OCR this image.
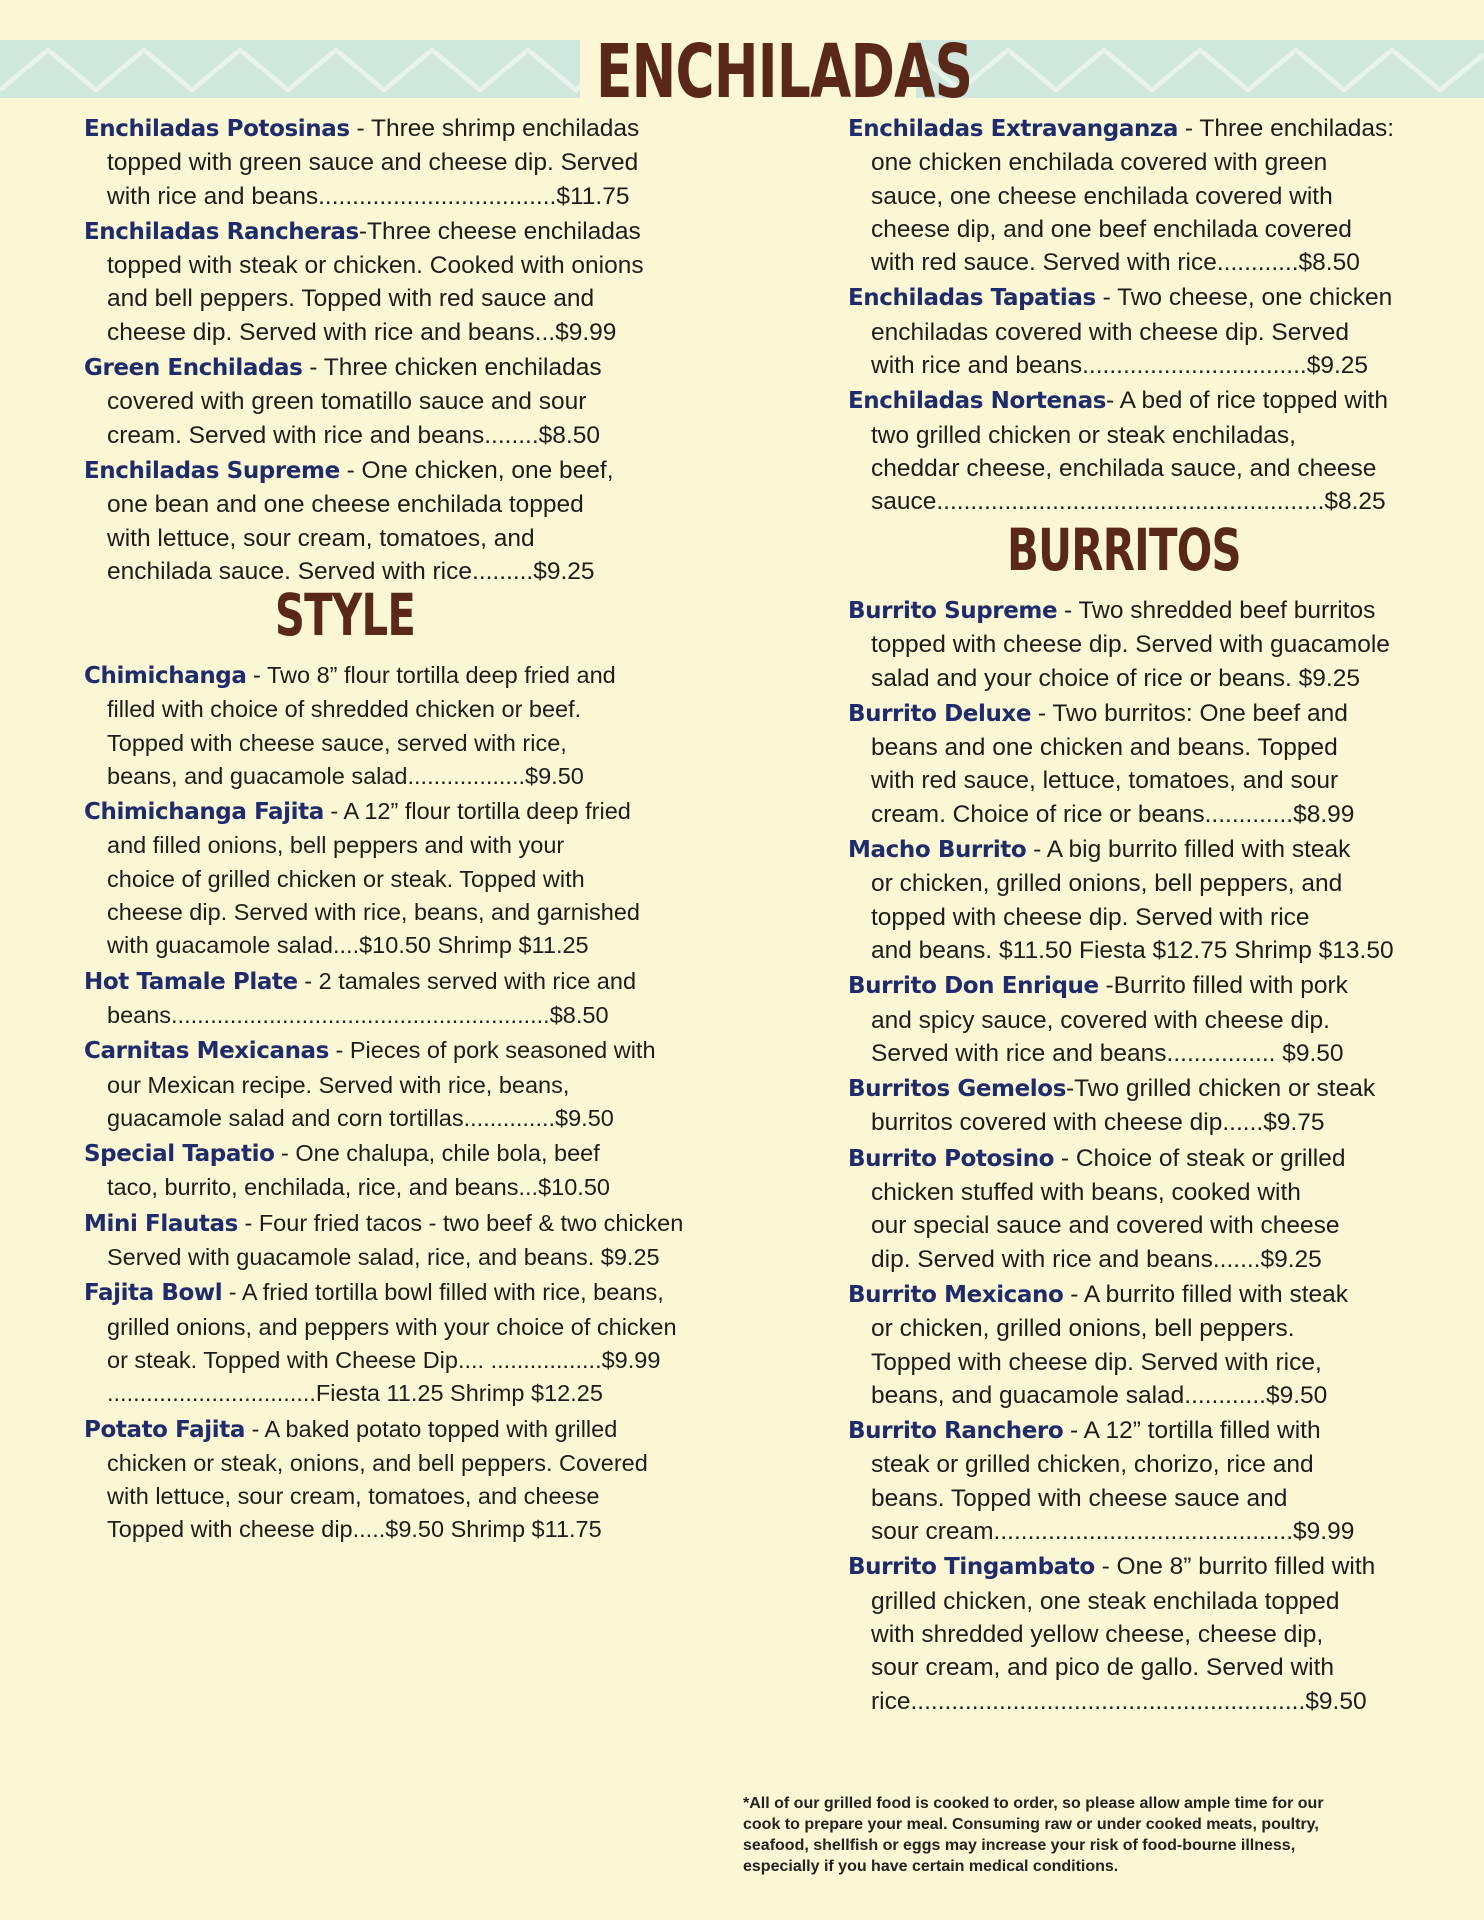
ENCHILADAS
Enchiladas Potosinas - Three shrimp enchiladas
topped with green sauce and cheese dip. Served
with rice and beans...................................$11.75
Enchiladas Rancheras-Three cheese enchiladas
topped with steak or chicken. Cooked with onions
and bell peppers. Topped with red sauce and
cheese dip. Served with rice and beans...$9.99
Green Enchiladas - Three chicken enchiladas
covered with green tomatillo sauce and sour
cream. Served with rice and beans........$8.50
Enchiladas Supreme - One chicken, one beef,
one bean and one cheese enchilada topped
with lettuce, sour cream, tomatoes, and
enchilada sauce. Served with rice.........$9.25
STYLE
Chimichanga - Two 8” flour tortilla deep fried and
filled with choice of shredded chicken or beef.
Topped with cheese sauce, served with rice,
beans, and guacamole salad..................$9.50
Chimichanga Fajita - A 12” flour tortilla deep fried
and filled onions, bell peppers and with your
choice of grilled chicken or steak. Topped with
cheese dip. Served with rice, beans, and garnished
with guacamole salad....$10.50 Shrimp $11.25
Hot Tamale Plate - 2 tamales served with rice and
beans..........................................................$8.50
Carnitas Mexicanas - Pieces of pork seasoned with
our Mexican recipe. Served with rice, beans,
guacamole salad and corn tortillas..............$9.50
Special Tapatio - One chalupa, chile bola, beef
taco, burrito, enchilada, rice, and beans...$10.50
Mini Flautas - Four fried tacos - two beef & two chicken
Served with guacamole salad, rice, and beans. $9.25
Fajita Bowl - A fried tortilla bowl filled with rice, beans,
grilled onions, and peppers with your choice of chicken
or steak. Topped with Cheese Dip.... .................$9.99
................................Fiesta 11.25 Shrimp $12.25
Potato Fajita - A baked potato topped with grilled
chicken or steak, onions, and bell peppers. Covered
with lettuce, sour cream, tomatoes, and cheese
Topped with cheese dip.....$9.50 Shrimp $11.75
Enchiladas Extravanganza - Three enchiladas:
one chicken enchilada covered with green
sauce, one cheese enchilada covered with
cheese dip, and one beef enchilada covered
with red sauce. Served with rice............$8.50
Enchiladas Tapatias - Two cheese, one chicken
enchiladas covered with cheese dip. Served
with rice and beans.................................$9.25
Enchiladas Nortenas- A bed of rice topped with
two grilled chicken or steak enchiladas,
cheddar cheese, enchilada sauce, and cheese
sauce.........................................................$8.25
BURRITOS
Burrito Supreme - Two shredded beef burritos
topped with cheese dip. Served with guacamole
salad and your choice of rice or beans. $9.25
Burrito Deluxe - Two burritos: One beef and
beans and one chicken and beans. Topped
with red sauce, lettuce, tomatoes, and sour
cream. Choice of rice or beans.............$8.99
Macho Burrito - A big burrito filled with steak
or chicken, grilled onions, bell peppers, and
topped with cheese dip. Served with rice
and beans. $11.50 Fiesta $12.75 Shrimp $13.50
Burrito Don Enrique -Burrito filled with pork
and spicy sauce, covered with cheese dip.
Served with rice and beans................ $9.50
Burritos Gemelos-Two grilled chicken or steak
burritos covered with cheese dip......$9.75
Burrito Potosino - Choice of steak or grilled
chicken stuffed with beans, cooked with
our special sauce and covered with cheese
dip. Served with rice and beans.......$9.25
Burrito Mexicano - A burrito filled with steak
or chicken, grilled onions, bell peppers.
Topped with cheese dip. Served with rice,
beans, and guacamole salad............$9.50
Burrito Ranchero - A 12” tortilla filled with
steak or grilled chicken, chorizo, rice and
beans. Topped with cheese sauce and
sour cream............................................$9.99
Burrito Tingambato - One 8” burrito filled with
grilled chicken, one steak enchilada topped
with shredded yellow cheese, cheese dip,
sour cream, and pico de gallo. Served with
rice..........................................................$9.50
*All of our grilled food is cooked to order, so please allow ample time for our
cook to prepare your meal. Consuming raw or under cooked meats, poultry,
seafood, shellfish or eggs may increase your risk of food-bourne illness,
especially if you have certain medical conditions.
